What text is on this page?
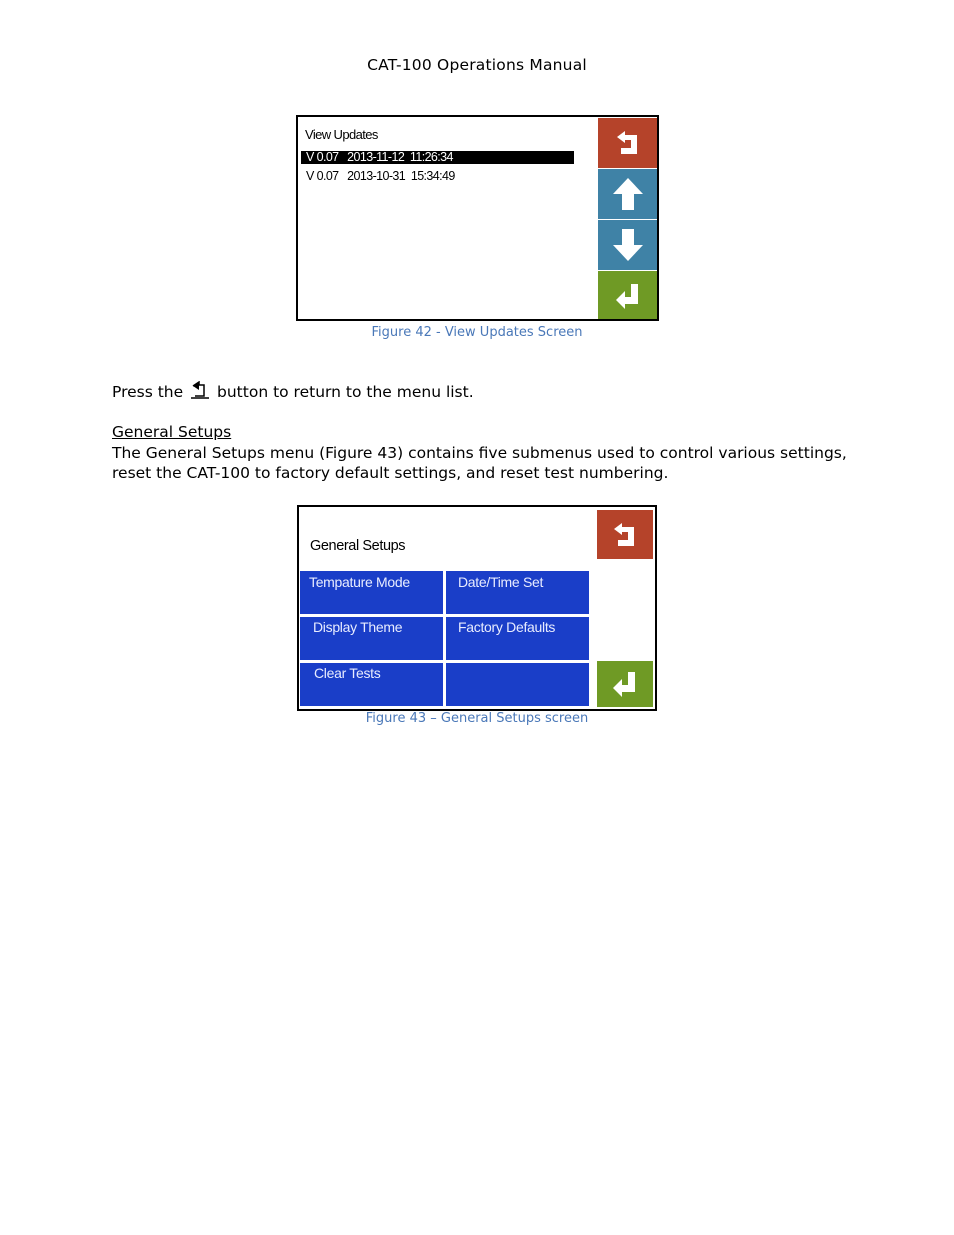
CAT-100 Operations Manual
View Updates
V 0.07   2013-11-12  11:26:34
V 0.07   2013-10-31  15:34:49
Figure 42 - View Updates Screen
Press the  button to return to the menu list.
General Setups
The General Setups menu (Figure 43) contains five submenus used to control various settings, reset the CAT-100 to factory default settings, and reset test numbering.
General Setups
Tempature Mode	Date/Time Set
Display Theme	Factory Defaults
Clear Tests
Figure 43 – General Setups screen
